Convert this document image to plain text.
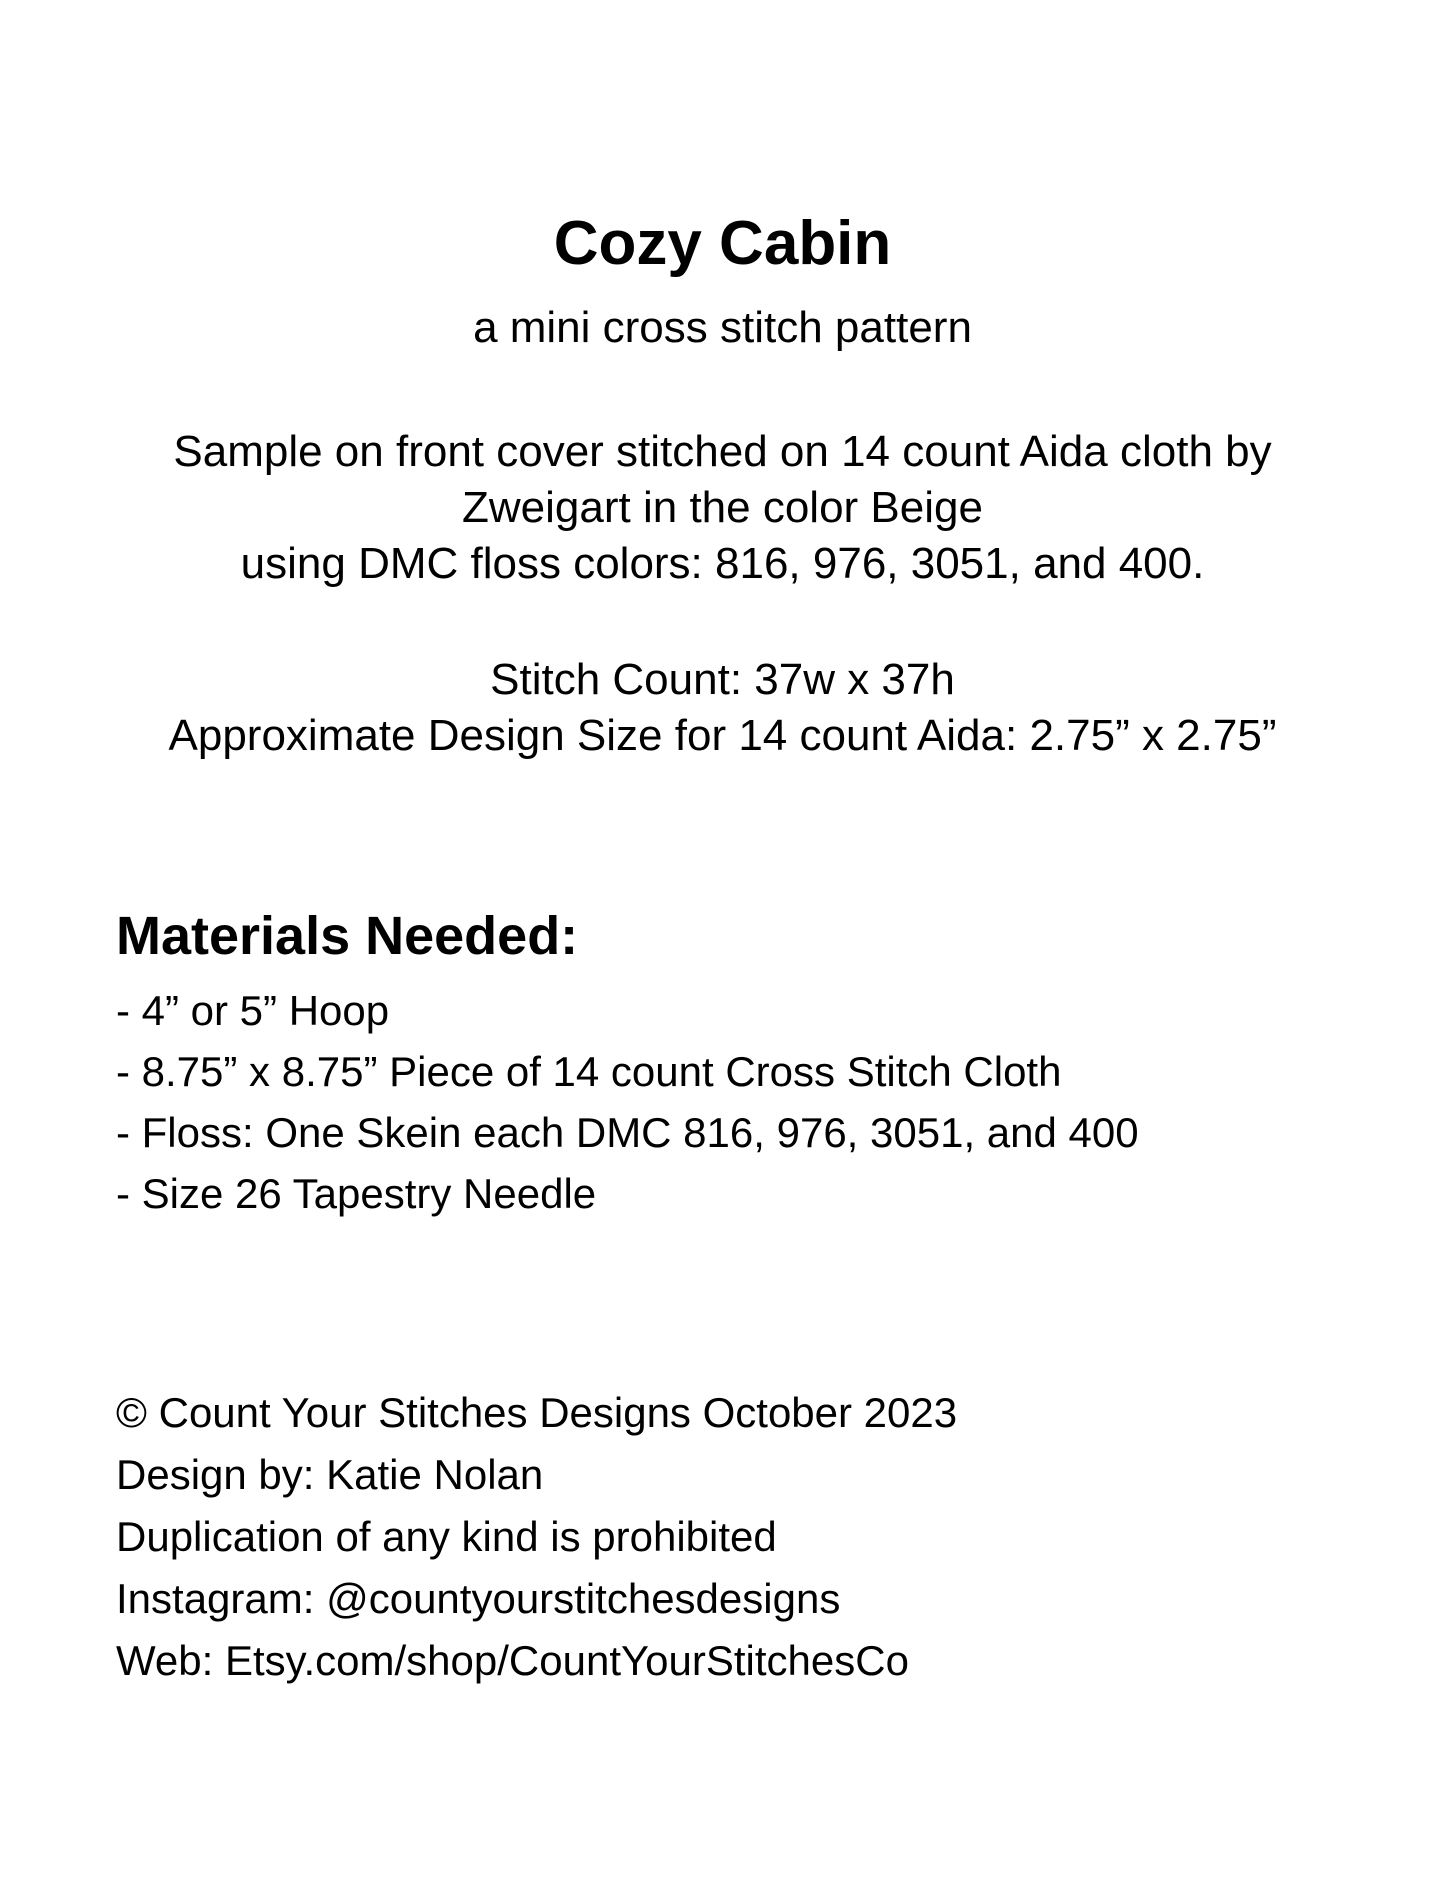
Cozy Cabin
a mini cross stitch pattern
Sample on front cover stitched on 14 count Aida cloth by
Zweigart in the color Beige
using DMC floss colors: 816, 976, 3051, and 400.
Stitch Count: 37w x 37h
Approximate Design Size for 14 count Aida: 2.75” x 2.75”
Materials Needed:
- 4” or 5” Hoop
- 8.75” x 8.75” Piece of 14 count Cross Stitch Cloth
- Floss: One Skein each DMC 816, 976, 3051, and 400
- Size 26 Tapestry Needle
© Count Your Stitches Designs October 2023
Design by: Katie Nolan
Duplication of any kind is prohibited
Instagram: @countyourstitchesdesigns
Web: Etsy.com/shop/CountYourStitchesCo
